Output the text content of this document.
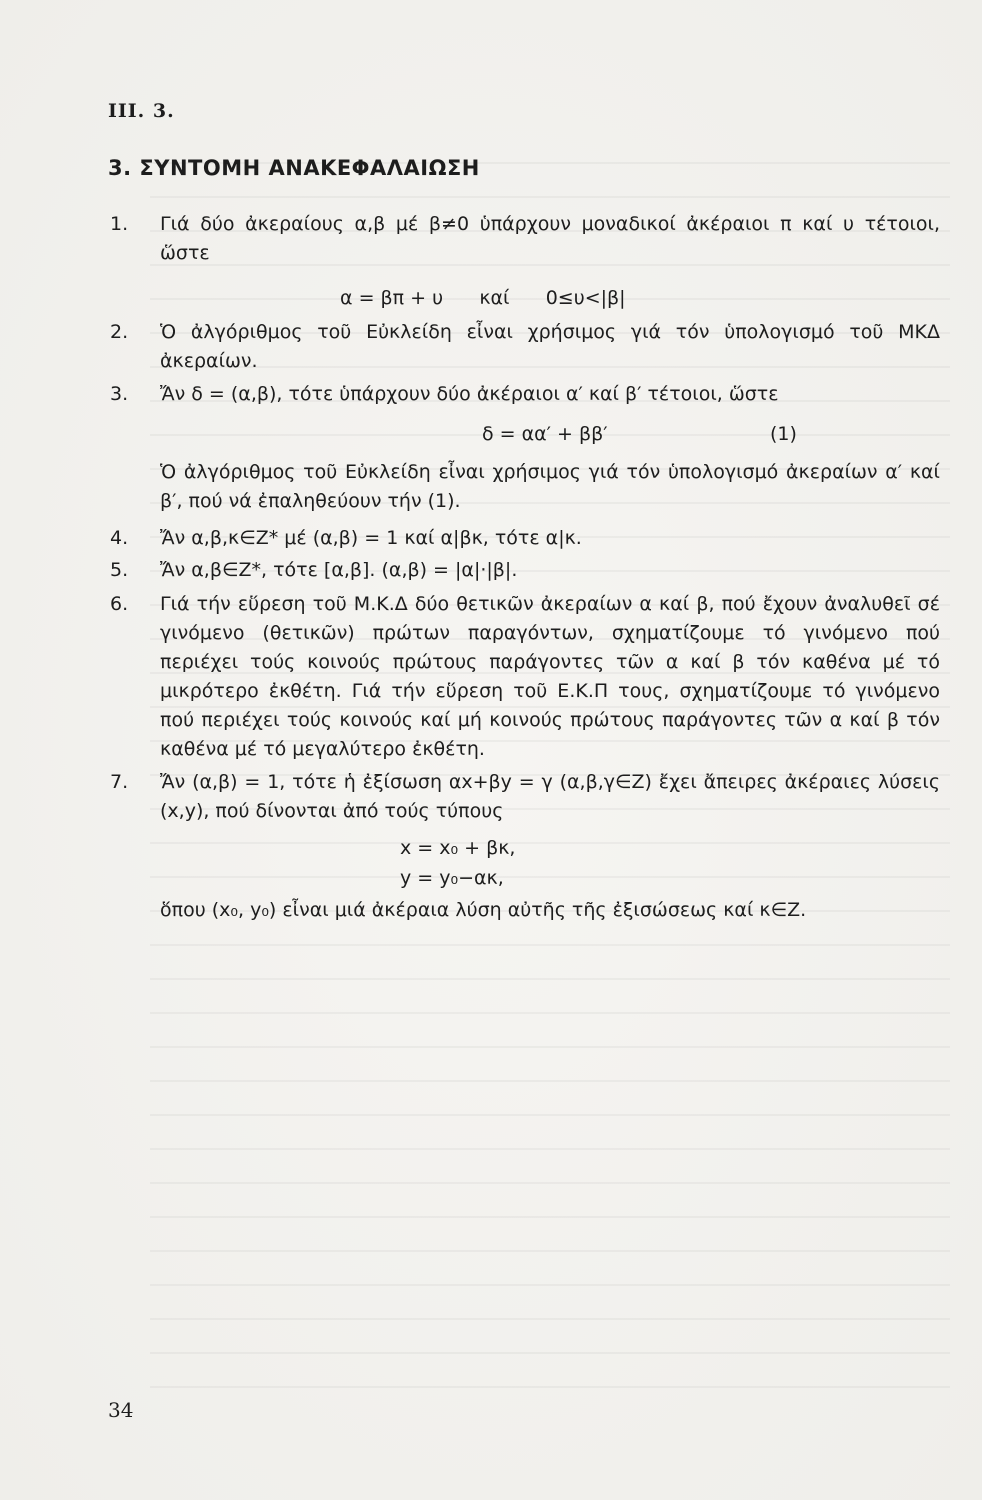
III. 3.
3. ΣΥΝΤΟΜΗ ΑΝΑΚΕΦΑΛΑΙΩΣΗ
1.	Γιά δύο ἀκεραίους α,β μέ β≠0 ὑπάρχουν μοναδικοί ἀκέραιοι π καί υ τέτοιοι, ὥστε
α = βπ + υ      καί      0≤υ<|β|
2.	Ὁ ἀλγόριθμος τοῦ Εὐκλείδη εἶναι χρήσιμος γιά τόν ὑπολογισμό τοῦ ΜΚΔ ἀκεραίων.
3.	Ἄν δ = (α,β), τότε ὑπάρχουν δύο ἀκέραιοι α′ καί β′ τέτοιοι, ὥστε
δ = αα′ + ββ′	(1)
Ὁ ἀλγόριθμος τοῦ Εὐκλείδη εἶναι χρήσιμος γιά τόν ὑπολογισμό ἀκεραίων α′ καί β′, πού νά ἐπαληθεύουν τήν (1).
4.	Ἄν α,β,κ∈Z* μέ (α,β) = 1 καί α|βκ, τότε α|κ.
5.	Ἄν α,β∈Z*, τότε [α,β]. (α,β) = |α|·|β|.
6.	Γιά τήν εὕρεση τοῦ Μ.Κ.Δ δύο θετικῶν ἀκεραίων α καί β, πού ἔχουν ἀναλυθεῖ σέ γινόμενο (θετικῶν) πρώτων παραγόντων, σχηματίζουμε τό γινόμενο πού περιέχει τούς κοινούς πρώτους παράγοντες τῶν α καί β τόν καθένα μέ τό μικρότερο ἐκθέτη. Γιά τήν εὕρεση τοῦ Ε.Κ.Π τους, σχηματίζουμε τό γινόμενο πού περιέχει τούς κοινούς καί μή κοινούς πρώτους παράγοντες τῶν α καί β τόν καθένα μέ τό μεγαλύτερο ἐκθέτη.
7.	Ἄν (α,β) = 1, τότε ἡ ἐξίσωση αx+βy = γ (α,β,γ∈Z) ἔχει ἄπειρες ἀκέραιες λύσεις (x,y), πού δίνονται ἀπό τούς τύπους
x = x₀ + βκ,
y = y₀−ακ,
ὅπου (x₀, y₀) εἶναι μιά ἀκέραια λύση αὐτῆς τῆς ἐξισώσεως καί κ∈Z.
34
